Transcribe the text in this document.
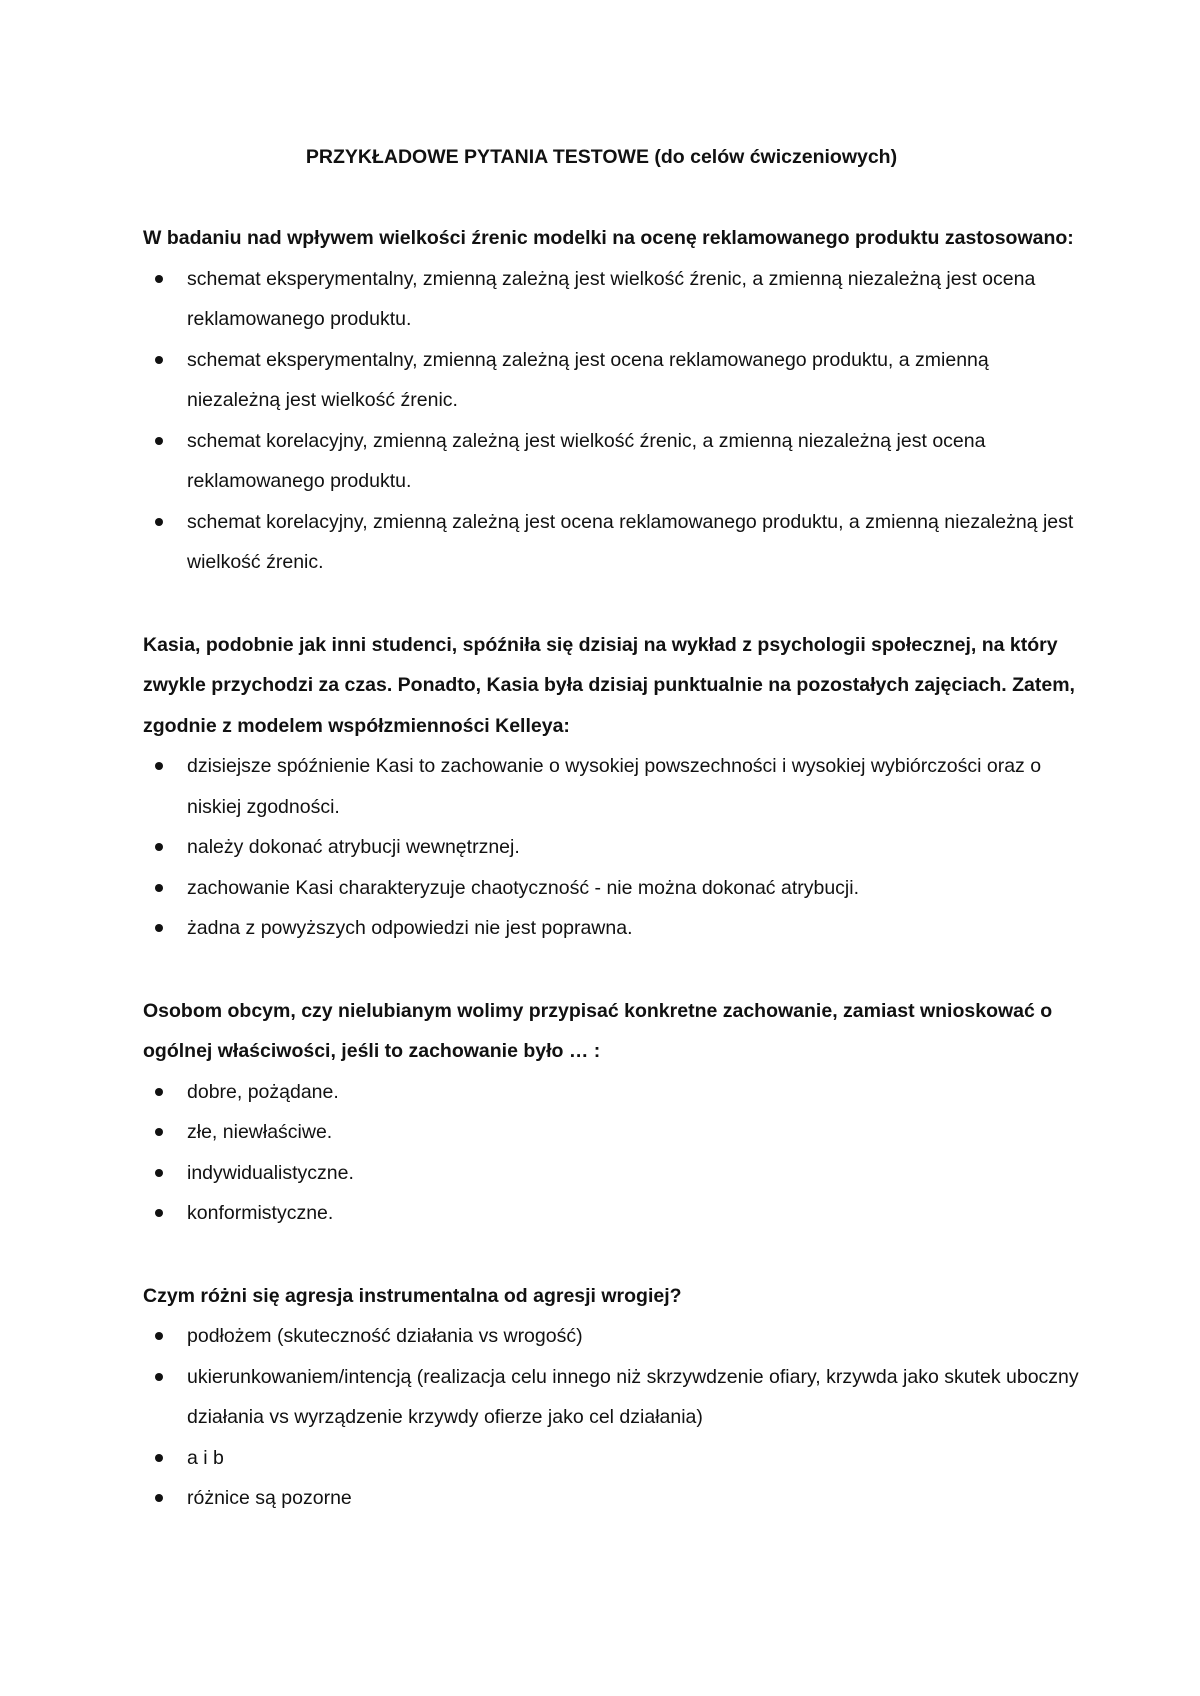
PRZYKŁADOWE PYTANIA TESTOWE (do celów ćwiczeniowych)

W badaniu nad wpływem wielkości źrenic modelki na ocenę reklamowanego produktu zastosowano:

schemat eksperymentalny, zmienną zależną jest wielkość źrenic, a zmienną niezależną jest ocena reklamowanego produktu.
schemat eksperymentalny, zmienną zależną jest ocena reklamowanego produktu, a zmienną niezależną jest wielkość źrenic.
schemat korelacyjny, zmienną zależną jest wielkość źrenic, a zmienną niezależną jest ocena reklamowanego produktu.
schemat korelacyjny, zmienną zależną jest ocena reklamowanego produktu, a zmienną niezależną jest wielkość źrenic.

Kasia, podobnie jak inni studenci, spóźniła się dzisiaj na wykład z psychologii społecznej, na który zwykle przychodzi za czas. Ponadto, Kasia była dzisiaj punktualnie na pozostałych zajęciach. Zatem, zgodnie z modelem współzmienności Kelleya:

dzisiejsze spóźnienie Kasi to zachowanie o wysokiej powszechności i wysokiej wybiórczości oraz o niskiej zgodności.
należy dokonać atrybucji wewnętrznej.
zachowanie Kasi charakteryzuje chaotyczność - nie można dokonać atrybucji.
żadna z powyższych odpowiedzi nie jest poprawna.

Osobom obcym, czy nielubianym wolimy przypisać konkretne zachowanie, zamiast wnioskować o ogólnej właściwości, jeśli to zachowanie było … :

dobre, pożądane.
złe, niewłaściwe.
indywidualistyczne.
konformistyczne.

Czym różni się agresja instrumentalna od agresji wrogiej?

podłożem (skuteczność działania vs wrogość)
ukierunkowaniem/intencją (realizacja celu innego niż skrzywdzenie ofiary, krzywda jako skutek uboczny działania vs wyrządzenie krzywdy ofierze jako cel działania)
a i b
różnice są pozorne
